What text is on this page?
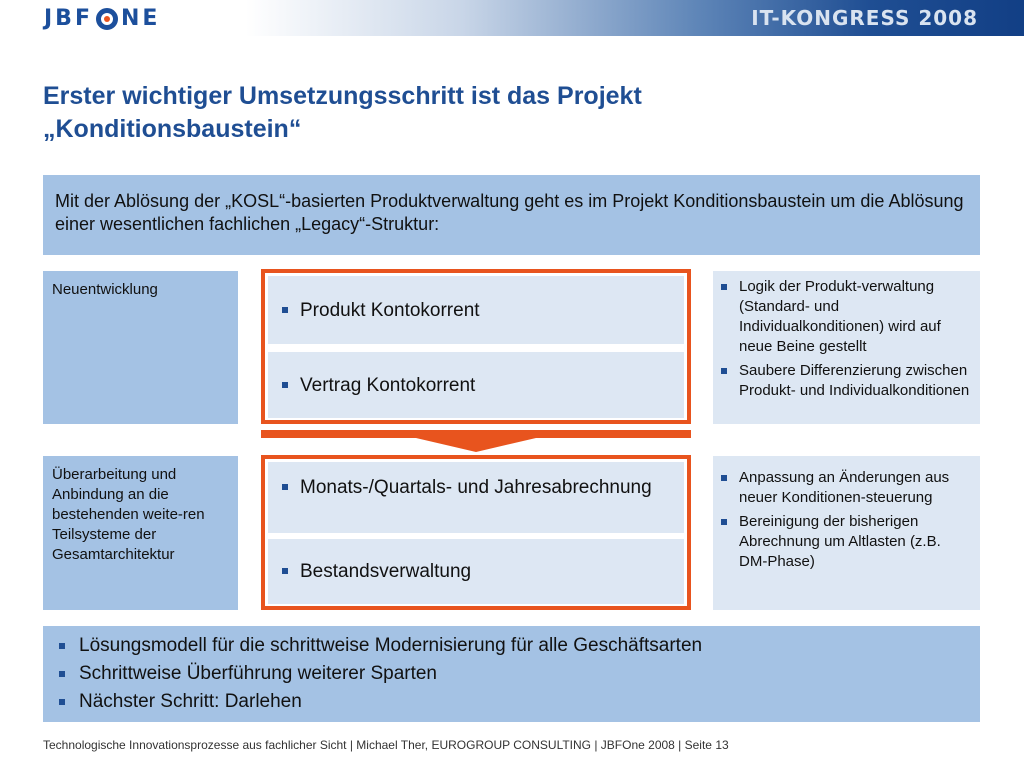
JBF NE	IT-KONGRESS 2008
Erster wichtiger Umsetzungsschritt ist das Projekt
„Konditionsbaustein“
Mit der Ablösung der „KOSL“-basierten Produktverwaltung geht es im Projekt Konditionsbaustein um die Ablösung einer wesentlichen fachlichen „Legacy“-Struktur:
Neuentwicklung
Produkt Kontokorrent
Vertrag Kontokorrent
Logik der Produkt-verwaltung (Standard- und Individualkonditionen) wird auf neue Beine gestellt
Saubere Differenzierung zwischen Produkt- und Individualkonditionen
Überarbeitung und Anbindung an die bestehenden weite-ren Teilsysteme der Gesamtarchitektur
Monats-/Quartals- und Jahresabrechnung
Bestandsverwaltung
Anpassung an Änderungen aus neuer Konditionen-steuerung
Bereinigung der bisherigen Abrechnung um Altlasten (z.B. DM-Phase)
Lösungsmodell für die schrittweise Modernisierung für alle Geschäftsarten
Schrittweise Überführung weiterer Sparten
Nächster Schritt: Darlehen
Technologische Innovationsprozesse aus fachlicher Sicht | Michael Ther, EUROGROUP CONSULTING | JBFOne 2008 | Seite 13
